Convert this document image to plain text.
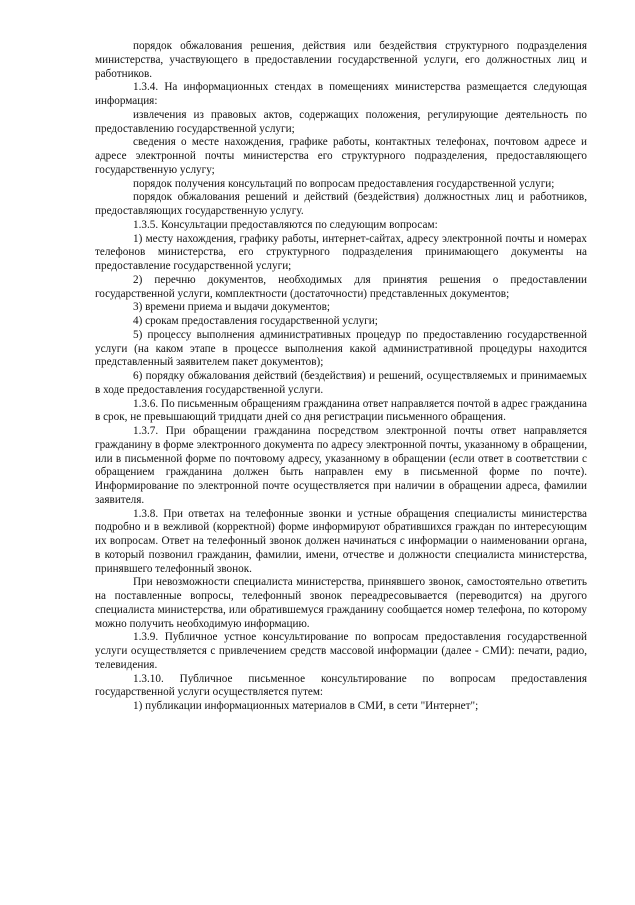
порядок обжалования решения, действия или бездействия структурного подразделения министерства, участвующего в предоставлении государственной услуги, его должностных лиц и работников.

1.3.4. На информационных стендах в помещениях министерства размещается следующая информация:

извлечения из правовых актов, содержащих положения, регулирующие деятельность по предоставлению государственной услуги;

сведения о месте нахождения, графике работы, контактных телефонах, почтовом адресе и адресе электронной почты министерства его структурного подразделения, предоставляющего государственную услугу;

порядок получения консультаций по вопросам предоставления государственной услуги;

порядок обжалования решений и действий (бездействия) должностных лиц и работников, предоставляющих государственную услугу.

1.3.5. Консультации предоставляются по следующим вопросам:

1) месту нахождения, графику работы, интернет-сайтах, адресу электронной почты и номерах телефонов министерства, его структурного подразделения принимающего документы на предоставление государственной услуги;

2) перечню документов, необходимых для принятия решения о предоставлении государственной услуги, комплектности (достаточности) представленных документов;

3) времени приема и выдачи документов;

4) срокам предоставления государственной услуги;

5) процессу выполнения административных процедур по предоставлению государственной услуги (на каком этапе в процессе выполнения какой административной процедуры находится представленный заявителем пакет документов);

6) порядку обжалования действий (бездействия) и решений, осуществляемых и принимаемых в ходе предоставления государственной услуги.

1.3.6. По письменным обращениям гражданина ответ направляется почтой в адрес гражданина в срок, не превышающий тридцати дней со дня регистрации письменного обращения.

1.3.7. При обращении гражданина посредством электронной почты ответ направляется гражданину в форме электронного документа по адресу электронной почты, указанному в обращении, или в письменной форме по почтовому адресу, указанному в обращении (если ответ в соответствии с обращением гражданина должен быть направлен ему в письменной форме по почте). Информирование по электронной почте осуществляется при наличии в обращении адреса, фамилии заявителя.

1.3.8. При ответах на телефонные звонки и устные обращения специалисты министерства подробно и в вежливой (корректной) форме информируют обратившихся граждан по интересующим их вопросам. Ответ на телефонный звонок должен начинаться с информации о наименовании органа, в который позвонил гражданин, фамилии, имени, отчестве и должности специалиста министерства, принявшего телефонный звонок.

При невозможности специалиста министерства, принявшего звонок, самостоятельно ответить на поставленные вопросы, телефонный звонок переадресовывается (переводится) на другого специалиста министерства, или обратившемуся гражданину сообщается номер телефона, по которому можно получить необходимую информацию.

1.3.9. Публичное устное консультирование по вопросам предоставления государственной услуги осуществляется с привлечением средств массовой информации (далее - СМИ): печати, радио, телевидения.

1.3.10. Публичное письменное консультирование по вопросам предоставления государственной услуги осуществляется путем:

1) публикации информационных материалов в СМИ, в сети "Интернет";
